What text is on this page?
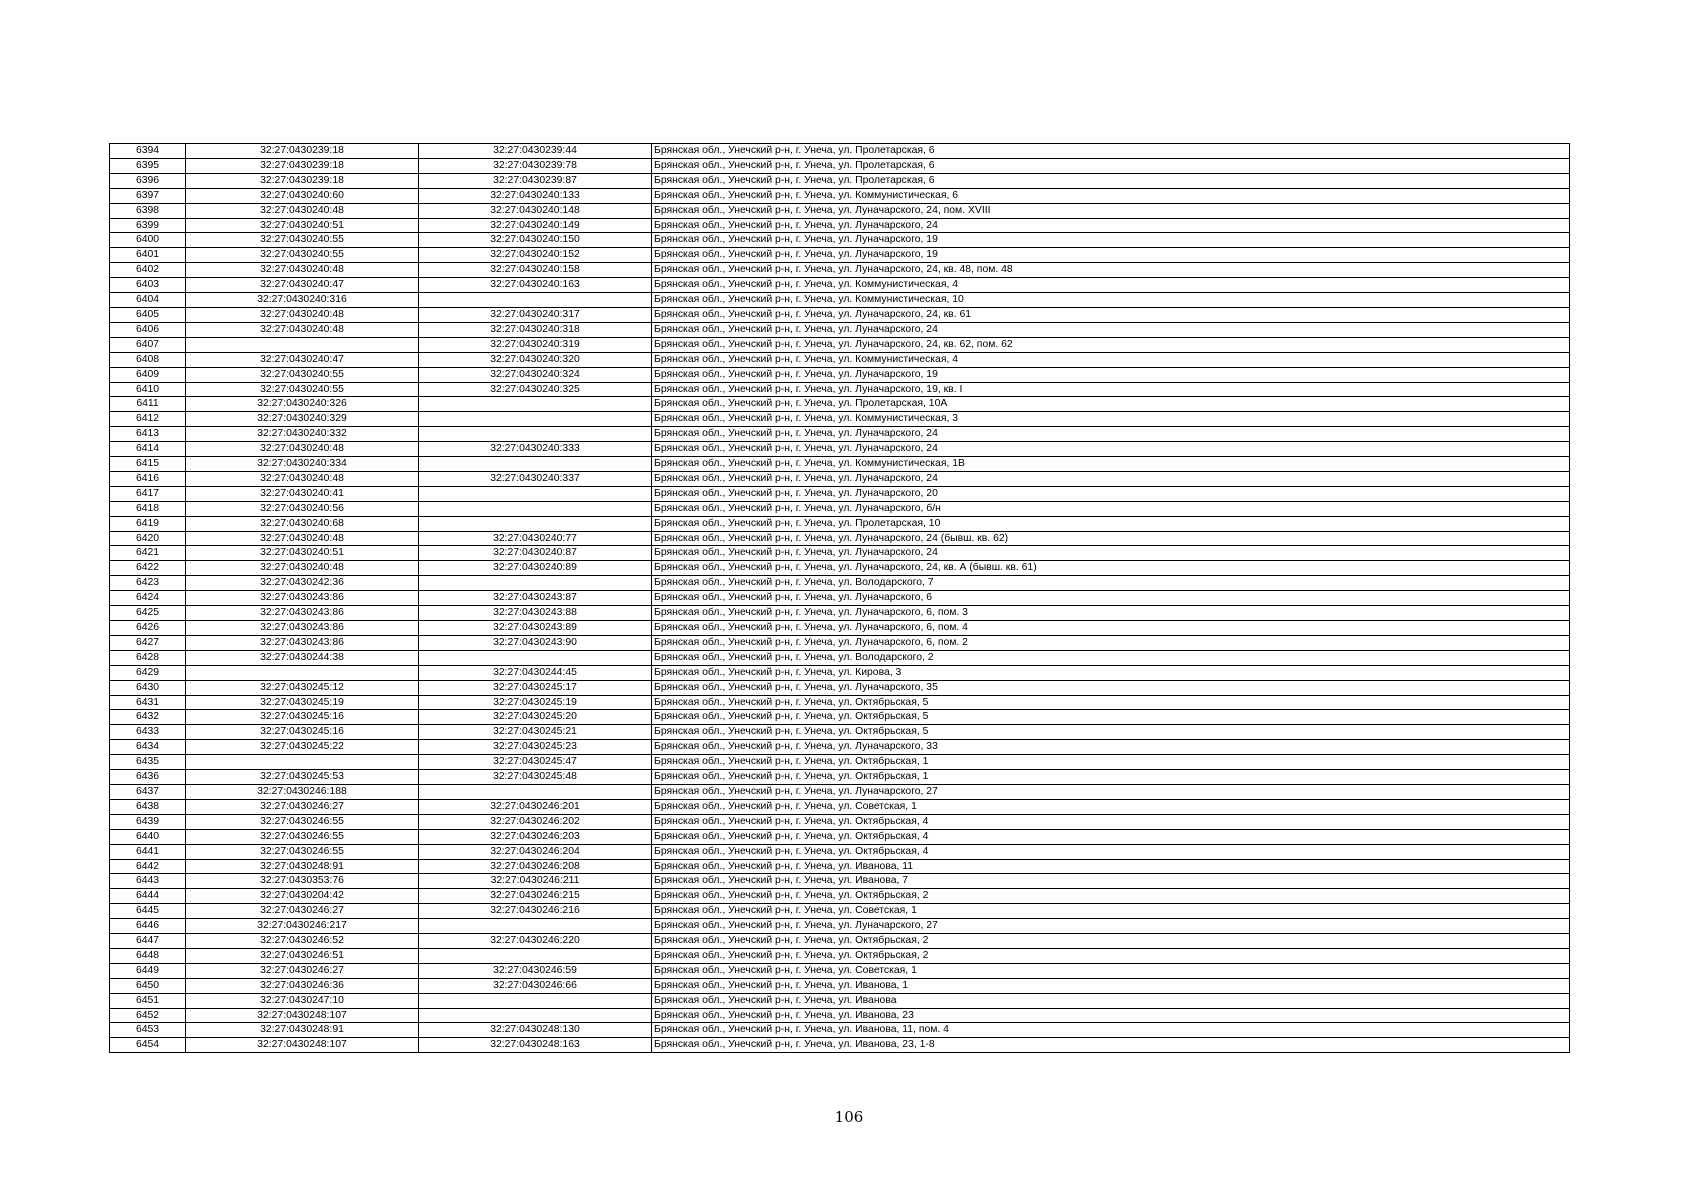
6394	32:27:0430239:18	32:27:0430239:44	Брянская обл., Унечский р-н, г. Унеча, ул. Пролетарская, 6
6395	32:27:0430239:18	32:27:0430239:78	Брянская обл., Унечский р-н, г. Унеча, ул. Пролетарская, 6
6396	32:27:0430239:18	32:27:0430239:87	Брянская обл., Унечский р-н, г. Унеча, ул. Пролетарская, 6
6397	32:27:0430240:60	32:27:0430240:133	Брянская обл., Унечский р-н, г. Унеча, ул. Коммунистическая, 6
6398	32:27:0430240:48	32:27:0430240:148	Брянская обл., Унечский р-н, г. Унеча, ул. Луначарского, 24, пом. XVIII
6399	32:27:0430240:51	32:27:0430240:149	Брянская обл., Унечский р-н, г. Унеча, ул. Луначарского, 24
6400	32:27:0430240:55	32:27:0430240:150	Брянская обл., Унечский р-н, г. Унеча, ул. Луначарского, 19
6401	32:27:0430240:55	32:27:0430240:152	Брянская обл., Унечский р-н, г. Унеча, ул. Луначарского, 19
6402	32:27:0430240:48	32:27:0430240:158	Брянская обл., Унечский р-н, г. Унеча, ул. Луначарского, 24, кв. 48, пом. 48
6403	32:27:0430240:47	32:27:0430240:163	Брянская обл., Унечский р-н, г. Унеча, ул. Коммунистическая, 4
6404	32:27:0430240:316		Брянская обл., Унечский р-н, г. Унеча, ул. Коммунистическая, 10
6405	32:27:0430240:48	32:27:0430240:317	Брянская обл., Унечский р-н, г. Унеча, ул. Луначарского, 24, кв. 61
6406	32:27:0430240:48	32:27:0430240:318	Брянская обл., Унечский р-н, г. Унеча, ул. Луначарского, 24
6407		32:27:0430240:319	Брянская обл., Унечский р-н, г. Унеча, ул. Луначарского, 24, кв. 62, пом. 62
6408	32:27:0430240:47	32:27:0430240:320	Брянская обл., Унечский р-н, г. Унеча, ул. Коммунистическая, 4
6409	32:27:0430240:55	32:27:0430240:324	Брянская обл., Унечский р-н, г. Унеча, ул. Луначарского, 19
6410	32:27:0430240:55	32:27:0430240:325	Брянская обл., Унечский р-н, г. Унеча, ул. Луначарского, 19, кв. I
6411	32:27:0430240:326		Брянская обл., Унечский р-н, г. Унеча, ул. Пролетарская, 10А
6412	32:27:0430240:329		Брянская обл., Унечский р-н, г. Унеча, ул. Коммунистическая, 3
6413	32:27:0430240:332		Брянская обл., Унечский р-н, г. Унеча, ул. Луначарского, 24
6414	32:27:0430240:48	32:27:0430240:333	Брянская обл., Унечский р-н, г. Унеча, ул. Луначарского, 24
6415	32:27:0430240:334		Брянская обл., Унечский р-н, г. Унеча, ул. Коммунистическая, 1В
6416	32:27:0430240:48	32:27:0430240:337	Брянская обл., Унечский р-н, г. Унеча, ул. Луначарского, 24
6417	32:27:0430240:41		Брянская обл., Унечский р-н, г. Унеча, ул. Луначарского, 20
6418	32:27:0430240:56		Брянская обл., Унечский р-н, г. Унеча, ул. Луначарского, б/н
6419	32:27:0430240:68		Брянская обл., Унечский р-н, г. Унеча, ул. Пролетарская, 10
6420	32:27:0430240:48	32:27:0430240:77	Брянская обл., Унечский р-н, г. Унеча, ул. Луначарского, 24 (бывш. кв. 62)
6421	32:27:0430240:51	32:27:0430240:87	Брянская обл., Унечский р-н, г. Унеча, ул. Луначарского, 24
6422	32:27:0430240:48	32:27:0430240:89	Брянская обл., Унечский р-н, г. Унеча, ул. Луначарского, 24, кв. А (бывш. кв. 61)
6423	32:27:0430242:36		Брянская обл., Унечский р-н, г. Унеча, ул. Володарского, 7
6424	32:27:0430243:86	32:27:0430243:87	Брянская обл., Унечский р-н, г. Унеча, ул. Луначарского, 6
6425	32:27:0430243:86	32:27:0430243:88	Брянская обл., Унечский р-н, г. Унеча, ул. Луначарского, 6, пом. 3
6426	32:27:0430243:86	32:27:0430243:89	Брянская обл., Унечский р-н, г. Унеча, ул. Луначарского, 6, пом. 4
6427	32:27:0430243:86	32:27:0430243:90	Брянская обл., Унечский р-н, г. Унеча, ул. Луначарского, 6, пом. 2
6428	32:27:0430244:38		Брянская обл., Унечский р-н, г. Унеча, ул. Володарского, 2
6429		32:27:0430244:45	Брянская обл., Унечский р-н, г. Унеча, ул. Кирова, 3
6430	32:27:0430245:12	32:27:0430245:17	Брянская обл., Унечский р-н, г. Унеча, ул. Луначарского, 35
6431	32:27:0430245:19	32:27:0430245:19	Брянская обл., Унечский р-н, г. Унеча, ул. Октябрьская, 5
6432	32:27:0430245:16	32:27:0430245:20	Брянская обл., Унечский р-н, г. Унеча, ул. Октябрьская, 5
6433	32:27:0430245:16	32:27:0430245:21	Брянская обл., Унечский р-н, г. Унеча, ул. Октябрьская, 5
6434	32:27:0430245:22	32:27:0430245:23	Брянская обл., Унечский р-н, г. Унеча, ул. Луначарского, 33
6435		32:27:0430245:47	Брянская обл., Унечский р-н, г. Унеча, ул. Октябрьская, 1
6436	32:27:0430245:53	32:27:0430245:48	Брянская обл., Унечский р-н, г. Унеча, ул. Октябрьская, 1
6437	32:27:0430246:188		Брянская обл., Унечский р-н, г. Унеча, ул. Луначарского, 27
6438	32:27:0430246:27	32:27:0430246:201	Брянская обл., Унечский р-н, г. Унеча, ул. Советская, 1
6439	32:27:0430246:55	32:27:0430246:202	Брянская обл., Унечский р-н, г. Унеча, ул. Октябрьская, 4
6440	32:27:0430246:55	32:27:0430246:203	Брянская обл., Унечский р-н, г. Унеча, ул. Октябрьская, 4
6441	32:27:0430246:55	32:27:0430246:204	Брянская обл., Унечский р-н, г. Унеча, ул. Октябрьская, 4
6442	32:27:0430248:91	32:27:0430246:208	Брянская обл., Унечский р-н, г. Унеча, ул. Иванова, 11
6443	32:27:0430353:76	32:27:0430246:211	Брянская обл., Унечский р-н, г. Унеча, ул. Иванова, 7
6444	32:27:0430204:42	32:27:0430246:215	Брянская обл., Унечский р-н, г. Унеча, ул. Октябрьская, 2
6445	32:27:0430246:27	32:27:0430246:216	Брянская обл., Унечский р-н, г. Унеча, ул. Советская, 1
6446	32:27:0430246:217		Брянская обл., Унечский р-н, г. Унеча, ул. Луначарского, 27
6447	32:27:0430246:52	32:27:0430246:220	Брянская обл., Унечский р-н, г. Унеча, ул. Октябрьская, 2
6448	32:27:0430246:51		Брянская обл., Унечский р-н, г. Унеча, ул. Октябрьская, 2
6449	32:27:0430246:27	32:27:0430246:59	Брянская обл., Унечский р-н, г. Унеча, ул. Советская, 1
6450	32:27:0430246:36	32:27:0430246:66	Брянская обл., Унечский р-н, г. Унеча, ул. Иванова, 1
6451	32:27:0430247:10		Брянская обл., Унечский р-н, г. Унеча, ул. Иванова
6452	32:27:0430248:107		Брянская обл., Унечский р-н, г. Унеча, ул. Иванова, 23
6453	32:27:0430248:91	32:27:0430248:130	Брянская обл., Унечский р-н, г. Унеча, ул. Иванова, 11, пом. 4
6454	32:27:0430248:107	32:27:0430248:163	Брянская обл., Унечский р-н, г. Унеча, ул. Иванова, 23, 1-8
106
